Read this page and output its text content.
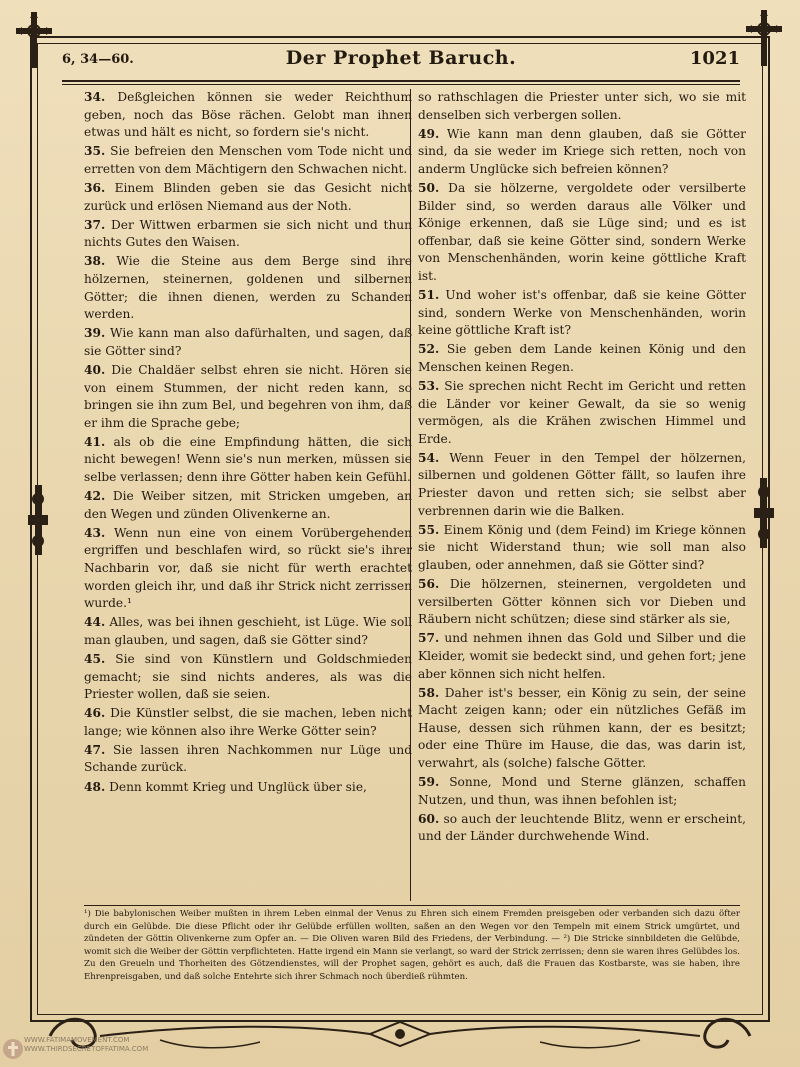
6, 34—60.	Der Prophet Baruch.	1021

34. Deßgleichen können sie weder Reichthum geben, noch das Böse rächen. Gelobt man ihnen etwas und hält es nicht, so fordern sie's nicht.

35. Sie befreien den Menschen vom Tode nicht und erretten von dem Mächtigern den Schwachen nicht.

36. Einem Blinden geben sie das Gesicht nicht zurück und erlösen Niemand aus der Noth.

37. Der Wittwen erbarmen sie sich nicht und thun nichts Gutes den Waisen.

38. Wie die Steine aus dem Berge sind ihre hölzernen, steinernen, goldenen und silbernen Götter; die ihnen dienen, werden zu Schanden werden.

39. Wie kann man also dafürhalten, und sagen, daß sie Götter sind?

40. Die Chaldäer selbst ehren sie nicht. Hören sie von einem Stummen, der nicht reden kann, so bringen sie ihn zum Bel, und begehren von ihm, daß er ihm die Sprache gebe;

41. als ob die eine Empfindung hätten, die sich nicht bewegen! Wenn sie's nun merken, müssen sie selbe verlassen; denn ihre Götter haben kein Gefühl.

42. Die Weiber sitzen, mit Stricken umgeben, an den Wegen und zünden Olivenkerne an.

43. Wenn nun eine von einem Vorübergehenden ergriffen und beschlafen wird, so rückt sie's ihrer Nachbarin vor, daß sie nicht für werth erachtet worden gleich ihr, und daß ihr Strick nicht zerrissen wurde.¹

44. Alles, was bei ihnen geschieht, ist Lüge. Wie soll man glauben, und sagen, daß sie Götter sind?

45. Sie sind von Künstlern und Goldschmieden gemacht; sie sind nichts anderes, als was die Priester wollen, daß sie seien.

46. Die Künstler selbst, die sie machen, leben nicht lange; wie können also ihre Werke Götter sein?

47. Sie lassen ihren Nachkommen nur Lüge und Schande zurück.

48. Denn kommt Krieg und Unglück über sie,

so rathschlagen die Priester unter sich, wo sie mit denselben sich verbergen sollen.

49. Wie kann man denn glauben, daß sie Götter sind, da sie weder im Kriege sich retten, noch von anderm Unglücke sich befreien können?

50. Da sie hölzerne, vergoldete oder versilberte Bilder sind, so werden daraus alle Völker und Könige erkennen, daß sie Lüge sind; und es ist offenbar, daß sie keine Götter sind, sondern Werke von Menschenhänden, worin keine göttliche Kraft ist.

51. Und woher ist's offenbar, daß sie keine Götter sind, sondern Werke von Menschenhänden, worin keine göttliche Kraft ist?

52. Sie geben dem Lande keinen König und den Menschen keinen Regen.

53. Sie sprechen nicht Recht im Gericht und retten die Länder vor keiner Gewalt, da sie so wenig vermögen, als die Krähen zwischen Himmel und Erde.

54. Wenn Feuer in den Tempel der hölzernen, silbernen und goldenen Götter fällt, so laufen ihre Priester davon und retten sich; sie selbst aber verbrennen darin wie die Balken.

55. Einem König und (dem Feind) im Kriege können sie nicht Widerstand thun; wie soll man also glauben, oder annehmen, daß sie Götter sind?

56. Die hölzernen, steinernen, vergoldeten und versilberten Götter können sich vor Dieben und Räubern nicht schützen; diese sind stärker als sie,

57. und nehmen ihnen das Gold und Silber und die Kleider, womit sie bedeckt sind, und gehen fort; jene aber können sich nicht helfen.

58. Daher ist's besser, ein König zu sein, der seine Macht zeigen kann; oder ein nützliches Gefäß im Hause, dessen sich rühmen kann, der es besitzt; oder eine Thüre im Hause, die das, was darin ist, verwahrt, als (solche) falsche Götter.

59. Sonne, Mond und Sterne glänzen, schaffen Nutzen, und thun, was ihnen befohlen ist;

60. so auch der leuchtende Blitz, wenn er erscheint, und der Länder durchwehende Wind.

¹) Die babylonischen Weiber mußten in ihrem Leben einmal der Venus zu Ehren sich einem Fremden preisgeben oder verbanden sich dazu öfter durch ein Gelübde. Die diese Pflicht oder ihr Gelübde erfüllen wollten, saßen an den Wegen vor den Tempeln mit einem Strick umgürtet, und zündeten der Göttin Olivenkerne zum Opfer an. — Die Oliven waren Bild des Friedens, der Verbindung. — ²) Die Stricke sinnbildeten die Gelübde, womit sich die Weiber der Göttin verpflichteten. Hatte irgend ein Mann sie verlangt, so ward der Strick zerrissen; denn sie waren ihres Gelübdes los. Zu den Greueln und Thorheiten des Götzendienstes, will der Prophet sagen, gehört es auch, daß die Frauen das Kostbarste, was sie haben, ihre Ehrenpreisgaben, und daß solche Entehrte sich ihrer Schmach noch überdieß rühmten.
WWW.FATIMAMOVEMENT.COM
WWW.THIRDSECRETOFFATIMA.COM
